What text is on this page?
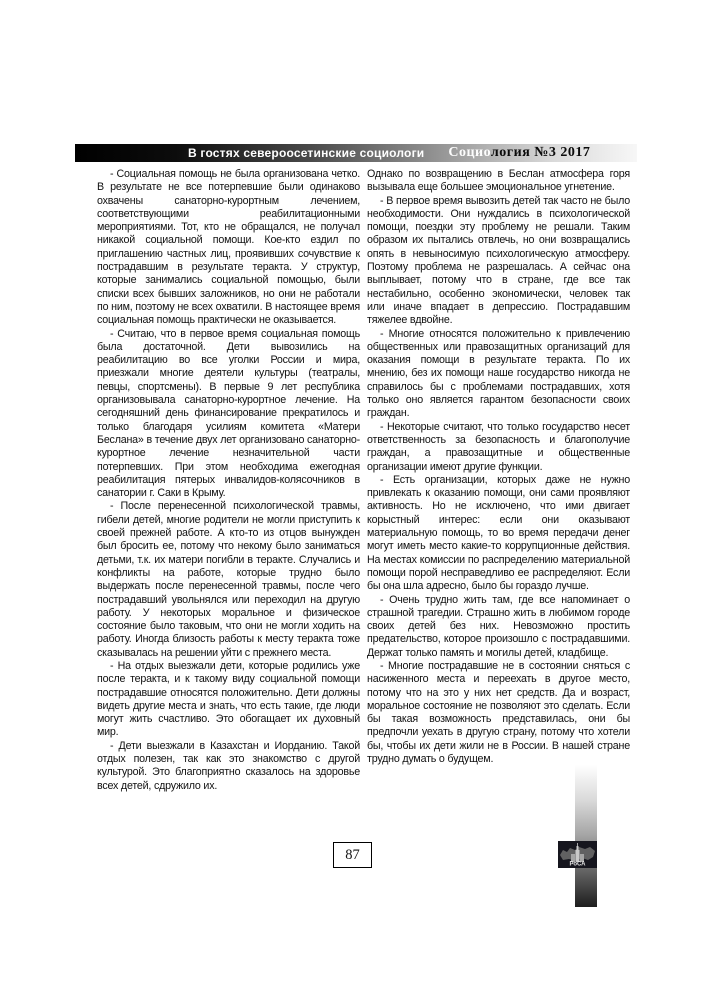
В гостях североосетинские социологи Социология №3 2017

- Социальная помощь не была организована четко. В результате не все потерпевшие были одинаково охвачены санаторно-курортным лечением, соответствующими реабилитационными мероприятиями. Тот, кто не обращался, не получал никакой социальной помощи. Кое-кто ездил по приглашению частных лиц, проявивших сочувствие к пострадавшим в результате теракта. У структур, которые занимались социальной помощью, были списки всех бывших заложников, но они не работали по ним, поэтому не всех охватили. В настоящее время социальная помощь практически не оказывается.

- Считаю, что в первое время социальная помощь была достаточной. Дети вывозились на реабилитацию во все уголки России и мира, приезжали многие деятели культуры (театралы, певцы, спортсмены). В первые 9 лет республика организовывала санаторно-курортное лечение. На сегодняшний день финансирование прекратилось и только благодаря усилиям комитета «Матери Беслана» в течение двух лет организовано санаторно-курортное лечение незначительной части потерпевших. При этом необходима ежегодная реабилитация пятерых инвалидов-колясочников в санатории г. Саки в Крыму.

- После перенесенной психологической травмы, гибели детей, многие родители не могли приступить к своей прежней работе. А кто-то из отцов вынужден был бросить ее, потому что некому было заниматься детьми, т.к. их матери погибли в теракте. Случались и конфликты на работе, которые трудно было выдержать после перенесенной травмы, после чего пострадавший увольнялся или переходил на другую работу. У некоторых моральное и физическое состояние было таковым, что они не могли ходить на работу. Иногда близость работы к месту теракта тоже сказывалась на решении уйти с прежнего места.

- На отдых выезжали дети, которые родились уже после теракта, и к такому виду социальной помощи пострадавшие относятся положительно. Дети должны видеть другие места и знать, что есть такие, где люди могут жить счастливо. Это обогащает их духовный мир.

- Дети выезжали в Казахстан и Иорданию. Такой отдых полезен, так как это знакомство с другой культурой. Это благоприятно сказалось на здоровье всех детей, сдружило их.

Однако по возвращению в Беслан атмосфера горя вызывала еще большее эмоциональное угнетение.

- В первое время вывозить детей так часто не было необходимости. Они нуждались в психологической помощи, поездки эту проблему не решали. Таким образом их пытались отвлечь, но они возвращались опять в невыносимую психологическую атмосферу. Поэтому проблема не разрешалась. А сейчас она выплывает, потому что в стране, где все так нестабильно, особенно экономически, человек так или иначе впадает в депрессию. Пострадавшим тяжелее вдвойне.

- Многие относятся положительно к привлечению общественных или правозащитных организаций для оказания помощи в результате теракта. По их мнению, без их помощи наше государство никогда не справилось бы с проблемами пострадавших, хотя только оно является гарантом безопасности своих граждан.

- Некоторые считают, что только государство несет ответственность за безопасность и благополучие граждан, а правозащитные и общественные организации имеют другие функции.

- Есть организации, которых даже не нужно привлекать к оказанию помощи, они сами проявляют активность. Но не исключено, что ими двигает корыстный интерес: если они оказывают материальную помощь, то во время передачи денег могут иметь место какие-то коррупционные действия. На местах комиссии по распределению материальной помощи порой несправедливо ее распределяют. Если бы она шла адресно, было бы гораздо лучше.

- Очень трудно жить там, где все напоминает о страшной трагедии. Страшно жить в любимом городе своих детей без них. Невозможно простить предательство, которое произошло с пострадавшими. Держат только память и могилы детей, кладбище.

- Многие пострадавшие не в состоянии сняться с насиженного места и переехать в другое место, потому что на это у них нет средств. Да и возраст, моральное состояние не позволяют это сделать. Если бы такая возможность представилась, они бы предпочли уехать в другую страну, потому что хотели бы, чтобы их дети жили не в России. В нашей стране трудно думать о будущем.

РоСА
87
